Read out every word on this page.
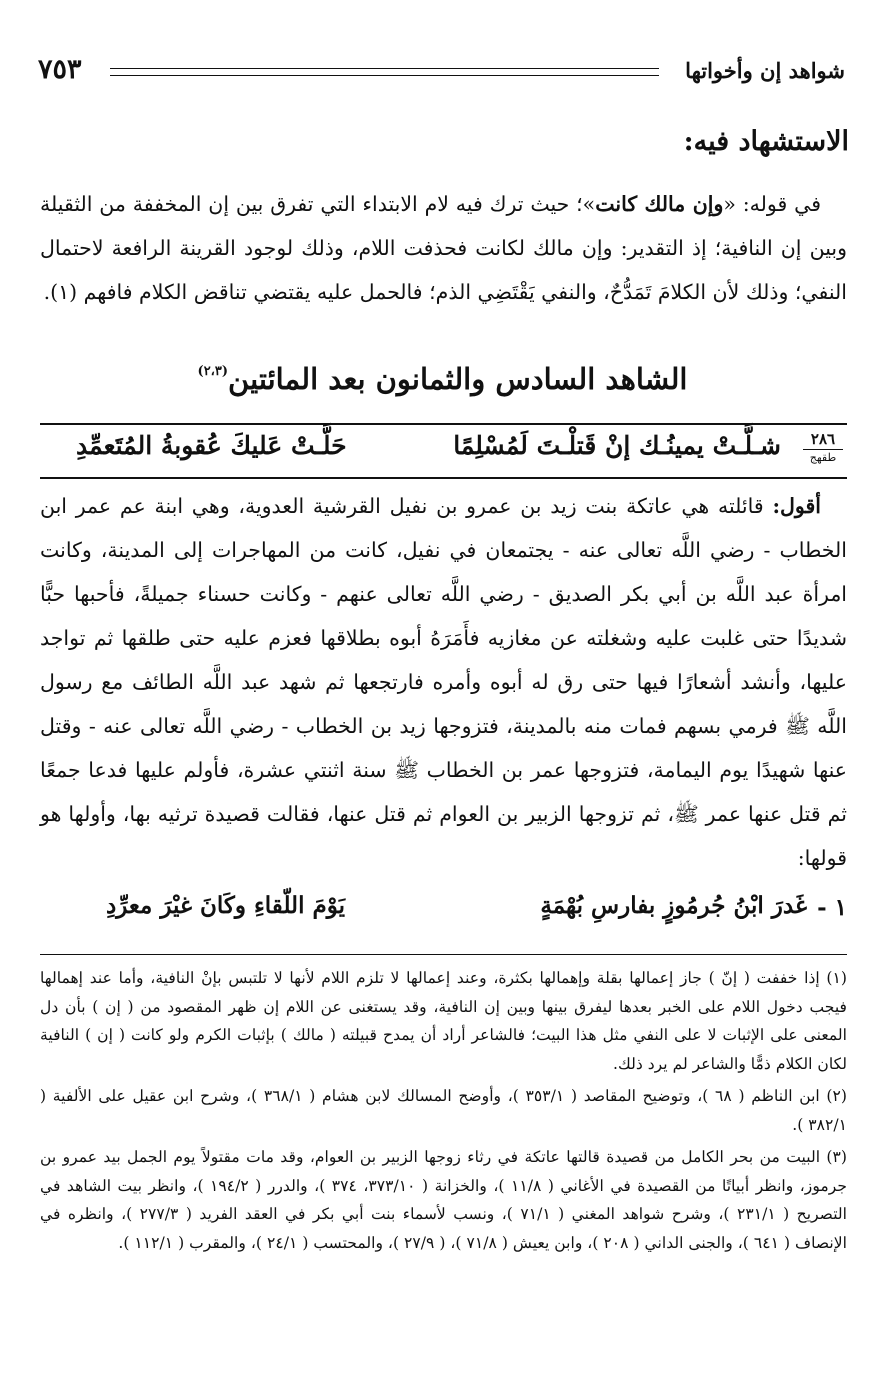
شواهد إن وأخواتها
٧٥٣
الاستشهاد فيه:

في قوله: «وإن مالك كانت»؛ حيث ترك فيه لام الابتداء التي تفرق بين إن المخففة من الثقيلة وبين إن النافية؛ إذ التقدير: وإن مالك لكانت فحذفت اللام، وذلك لوجود القرينة الرافعة لاحتمال النفي؛ وذلك لأن الكلامَ تَمَدُّحٌ، والنفي يَقْتَضِي الذم؛ فالحمل عليه يقتضي تناقض الكلام فافهم (١).

الشاهد السادس والثمانون بعد المائتين$^{(٢،٣)}$
٢٨٦
طقهج
شـلَّـتْ يمينُـك إنْ قَتلْـتَ لَمُسْلِمًا
حَلَّـتْ عَليكَ عُقوبةُ المُتَعمِّدِ

أقول: قائلته هي عاتكة بنت زيد بن عمرو بن نفيل القرشية العدوية، وهي ابنة عم عمر ابن الخطاب - رضي اللَّه تعالى عنه - يجتمعان في نفيل، كانت من المهاجرات إلى المدينة، وكانت امرأة عبد اللَّه بن أبي بكر الصديق - رضي اللَّه تعالى عنهم - وكانت حسناء جميلةً، فأحبها حبًّا شديدًا حتى غلبت عليه وشغلته عن مغازيه فأَمَرَهُ أبوه بطلاقها فعزم عليه حتى طلقها ثم تواجد عليها، وأنشد أشعارًا فيها حتى رق له أبوه وأمره فارتجعها ثم شهد عبد اللَّه الطائف مع رسول اللَّه ﷺ فرمي بسهم فمات منه بالمدينة، فتزوجها زيد بن الخطاب - رضي اللَّه تعالى عنه - وقتل عنها شهيدًا يوم اليمامة، فتزوجها عمر بن الخطاب ﷺ سنة اثنتي عشرة، فأولم عليها فدعا جمعًا ثم قتل عنها عمر ﷺ، ثم تزوجها الزبير بن العوام ثم قتل عنها، فقالت قصيدة ترثيه بها، وأولها هو قولها:

١ -
غَدرَ ابْنُ جُرمُوزٍ بفارسِ بُهْمَةٍ
يَوْمَ اللّقاءِ وكَانَ غيْرَ معرِّدِ

(١) إذا خففت ( إنّ ) جاز إعمالها بقلة وإهمالها بكثرة، وعند إعمالها لا تلزم اللام لأنها لا تلتبس بإنْ النافية، وأما عند إهمالها فيجب دخول اللام على الخبر بعدها ليفرق بينها وبين إن النافية، وقد يستغنى عن اللام إن ظهر المقصود من ( إن ) بأن دل المعنى على الإثبات لا على النفي مثل هذا البيت؛ فالشاعر أراد أن يمدح قبيلته ( مالك ) بإثبات الكرم ولو كانت ( إن ) النافية لكان الكلام ذمًّا والشاعر لم يرد ذلك.

(٢) ابن الناظم ( ٦٨ )، وتوضيح المقاصد ( ٣٥٣/١ )، وأوضح المسالك لابن هشام ( ٣٦٨/١ )، وشرح ابن عقيل على الألفية ( ٣٨٢/١ ).

(٣) البيت من بحر الكامل من قصيدة قالتها عاتكة في رثاء زوجها الزبير بن العوام، وقد مات مقتولاً يوم الجمل بيد عمرو بن جرموز، وانظر أبياتًا من القصيدة في الأغاني ( ١١/٨ )، والخزانة ( ٣٧٣/١٠، ٣٧٤ )، والدرر ( ١٩٤/٢ )، وانظر بيت الشاهد في التصريح ( ٢٣١/١ )، وشرح شواهد المغني ( ٧١/١ )، ونسب لأسماء بنت أبي بكر في العقد الفريد ( ٢٧٧/٣ )، وانظره في الإنصاف ( ٦٤١ )، والجنى الداني ( ٢٠٨ )، وابن يعيش ( ٧١/٨ )، ( ٢٧/٩ )، والمحتسب ( ٢٤/١ )، والمقرب ( ١١٢/١ ).
